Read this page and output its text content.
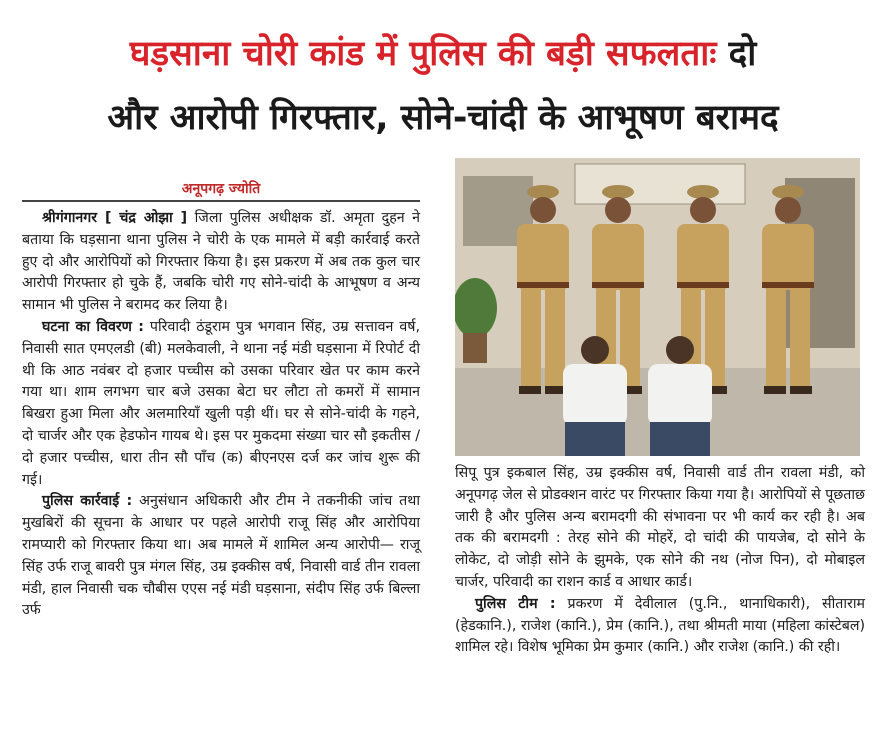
घड़साना चोरी कांड में पुलिस की बड़ी सफलताः दो
और आरोपी गिरफ्तार, सोने-चांदी के आभूषण बरामद
अनूपगढ़ ज्योति

श्रीगंगानगर [ चंद्र ओझा ] जिला पुलिस अधीक्षक डॉ. अमृता दुहन ने बताया कि घड़साना थाना पुलिस ने चोरी के एक मामले में बड़ी कार्रवाई करते हुए दो और आरोपियों को गिरफ्तार किया है। इस प्रकरण में अब तक कुल चार आरोपी गिरफ्तार हो चुके हैं, जबकि चोरी गए सोने-चांदी के आभूषण व अन्य सामान भी पुलिस ने बरामद कर लिया है।

घटना का विवरण : परिवादी ठंडूराम पुत्र भगवान सिंह, उम्र सत्तावन वर्ष, निवासी सात एमएलडी (बी) मलकेवाली, ने थाना नई मंडी घड़साना में रिपोर्ट दी थी कि आठ नवंबर दो हजार पच्चीस को उसका परिवार खेत पर काम करने गया था। शाम लगभग चार बजे उसका बेटा घर लौटा तो कमरों में सामान बिखरा हुआ मिला और अलमारियाँ खुली पड़ी थीं। घर से सोने-चांदी के गहने, दो चार्जर और एक हेडफोन गायब थे। इस पर मुकदमा संख्या चार सौ इकतीस / दो हजार पच्चीस, धारा तीन सौ पाँच (क) बीएनएस दर्ज कर जांच शुरू की गई।

पुलिस कार्रवाई : अनुसंधान अधिकारी और टीम ने तकनीकी जांच तथा मुखबिरों की सूचना के आधार पर पहले आरोपी राजू सिंह और आरोपिया रामप्यारी को गिरफ्तार किया था। अब मामले में शामिल अन्य आरोपी— राजू सिंह उर्फ राजू बावरी पुत्र मंगल सिंह, उम्र इक्कीस वर्ष, निवासी वार्ड तीन रावला मंडी, हाल निवासी चक चौबीस एएस नई मंडी घड़साना, संदीप सिंह उर्फ बिल्ला उर्फ

सिपू पुत्र इकबाल सिंह, उम्र इक्कीस वर्ष, निवासी वार्ड तीन रावला मंडी, को अनूपगढ़ जेल से प्रोडक्शन वारंट पर गिरफ्तार किया गया है। आरोपियों से पूछताछ जारी है और पुलिस अन्य बरामदगी की संभावना पर भी कार्य कर रही है। अब तक की बरामदगी : तेरह सोने की मोहरें, दो चांदी की पायजेब, दो सोने के लोकेट, दो जोड़ी सोने के झुमके, एक सोने की नथ (नोज पिन), दो मोबाइल चार्जर, परिवादी का राशन कार्ड व आधार कार्ड।

पुलिस टीम : प्रकरण में देवीलाल (पु.नि., थानाधिकारी), सीताराम (हेडकानि.), राजेश (कानि.), प्रेम (कानि.), तथा श्रीमती माया (महिला कांस्टेबल) शामिल रहे। विशेष भूमिका प्रेम कुमार (कानि.) और राजेश (कानि.) की रही।
